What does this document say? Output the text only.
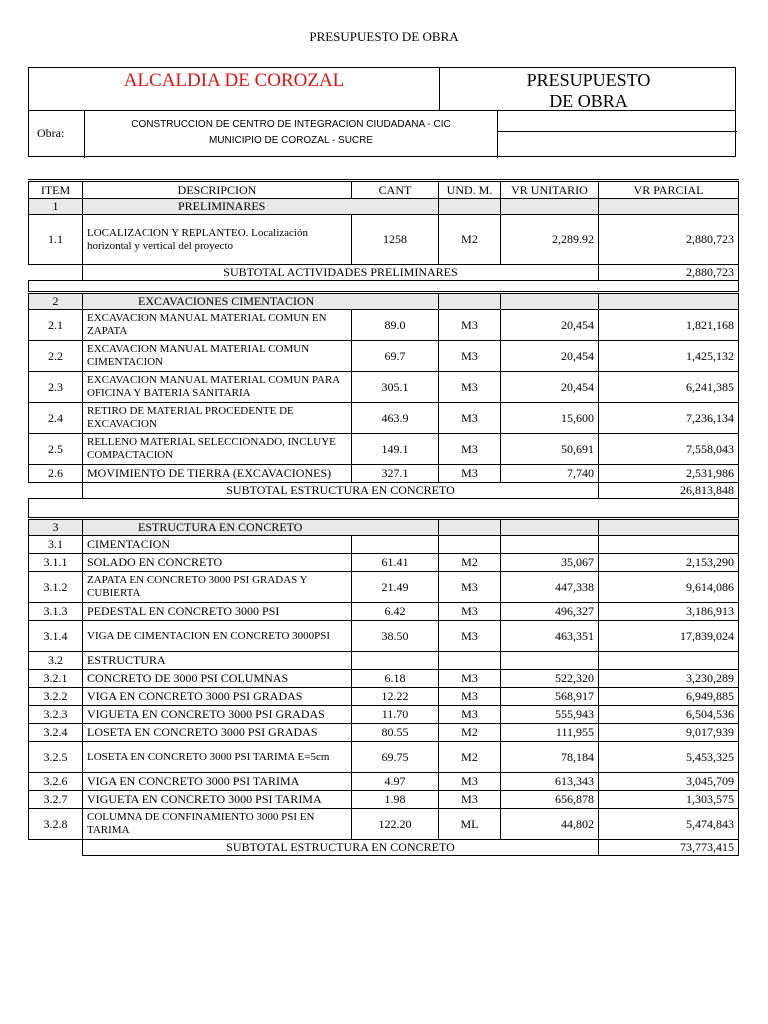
PRESUPUESTO DE OBRA
ALCALDIA DE COROZAL	PRESUPUESTO
DE OBRA
Obra:
CONSTRUCCION DE CENTRO DE INTEGRACION CIUDADANA - CIC
MUNICIPIO DE COROZAL - SUCRE
ITEM	DESCRIPCION	CANT	UND. M.	VR UNITARIO	VR PARCIAL
1	PRELIMINARES				
1.1	LOCALIZACION Y REPLANTEO. Localización horizontal y vertical del proyecto	1258	M2	2,289.92	2,880,723
	SUBTOTAL ACTIVIDADES PRELIMINARES				2,880,723

2	EXCAVACIONES CIMENTACION				
2.1	EXCAVACION MANUAL MATERIAL COMUN EN ZAPATA	89.0	M3	20,454	1,821,168
2.2	EXCAVACION MANUAL MATERIAL COMUN CIMENTACION	69.7	M3	20,454	1,425,132
2.3	EXCAVACION MANUAL MATERIAL COMUN PARA OFICINA Y BATERIA SANITARIA	305.1	M3	20,454	6,241,385
2.4	RETIRO DE MATERIAL PROCEDENTE DE EXCAVACION	463.9	M3	15,600	7,236,134
2.5	RELLENO MATERIAL SELECCIONADO, INCLUYE COMPACTACION	149.1	M3	50,691	7,558,043
2.6	MOVIMIENTO DE TIERRA (EXCAVACIONES)	327.1	M3	7,740	2,531,986
	SUBTOTAL ESTRUCTURA EN CONCRETO				26,813,848

3	ESTRUCTURA EN CONCRETO				
3.1	CIMENTACION				
3.1.1	SOLADO EN CONCRETO	61.41	M2	35,067	2,153,290
3.1.2	ZAPATA EN CONCRETO 3000 PSI GRADAS Y CUBIERTA	21.49	M3	447,338	9,614,086
3.1.3	PEDESTAL EN CONCRETO 3000 PSI	6.42	M3	496,327	3,186,913
3.1.4	VIGA DE CIMENTACION EN CONCRETO 3000PSI	38.50	M3	463,351	17,839,024
3.2	ESTRUCTURA				
3.2.1	CONCRETO DE 3000 PSI COLUMNAS	6.18	M3	522,320	3,230,289
3.2.2	VIGA EN CONCRETO 3000 PSI GRADAS	12.22	M3	568,917	6,949,885
3.2.3	VIGUETA EN CONCRETO 3000 PSI GRADAS	11.70	M3	555,943	6,504,536
3.2.4	LOSETA EN CONCRETO 3000 PSI GRADAS	80.55	M2	111,955	9,017,939
3.2.5	LOSETA EN CONCRETO 3000 PSI TARIMA E=5cm	69.75	M2	78,184	5,453,325
3.2.6	VIGA EN CONCRETO 3000 PSI TARIMA	4.97	M3	613,343	3,045,709
3.2.7	VIGUETA EN CONCRETO 3000 PSI TARIMA	1.98	M3	656,878	1,303,575
3.2.8	COLUMNA DE CONFINAMIENTO 3000 PSI EN TARIMA	122.20	ML	44,802	5,474,843
	SUBTOTAL ESTRUCTURA EN CONCRETO				73,773,415
